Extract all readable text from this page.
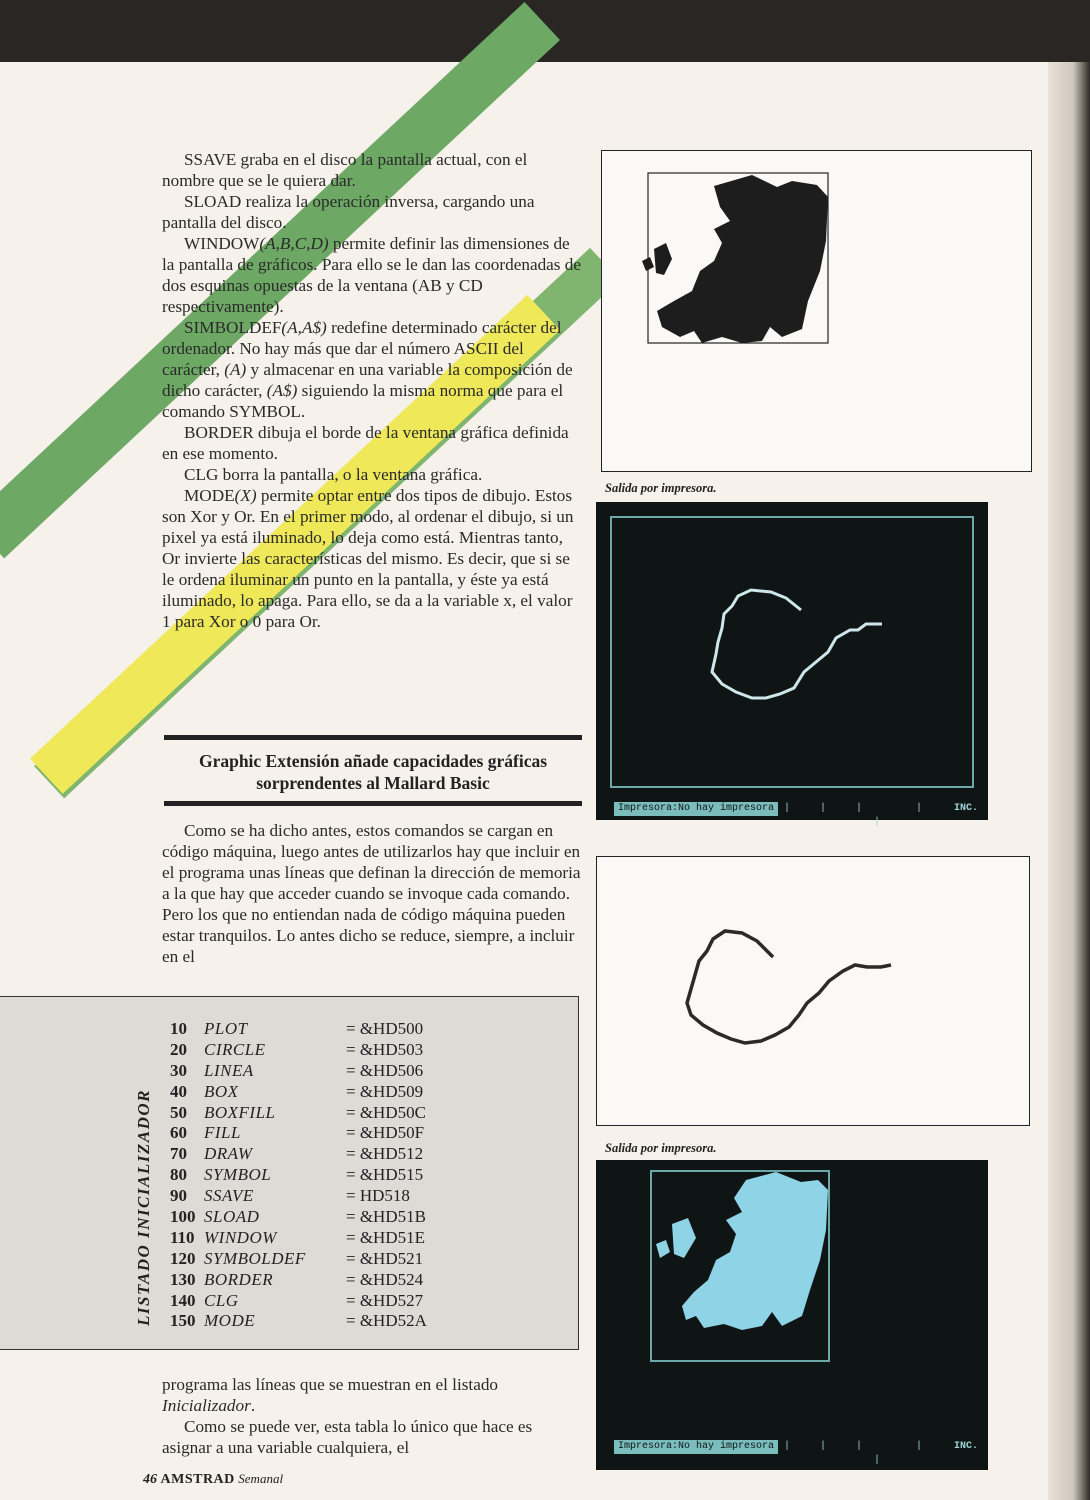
SSAVE graba en el disco la pantalla actual, con el nombre que se le quiera dar.

SLOAD realiza la operación inversa, cargando una pantalla del disco.

WINDOW(A,B,C,D) permite definir las dimensiones de la pantalla de gráficos. Para ello se le dan las coordenadas de dos esquinas opuestas de la ventana (AB y CD respectivamente).

SIMBOLDEF(A,A$) redefine determinado carácter del ordenador. No hay más que dar el número ASCII del carácter, (A) y almacenar en una variable la composición de dicho carácter, (A$) siguiendo la misma norma que para el comando SYMBOL.

BORDER dibuja el borde de la ventana gráfica definida en ese momento.

CLG borra la pantalla, o la ventana gráfica.

MODE(X) permite optar entre dos tipos de dibujo. Estos son Xor y Or. En el primer modo, al ordenar el dibujo, si un pixel ya está iluminado, lo deja como está. Mientras tanto, Or invierte las características del mismo. Es decir, que si se le ordena iluminar un punto en la pantalla, y éste ya está iluminado, lo apaga. Para ello, se da a la variable x, el valor 1 para Xor o 0 para Or.

Graphic Extensión añade capacidades gráficas
sorprendentes al Mallard Basic

Como se ha dicho antes, estos comandos se cargan en código máquina, luego antes de utilizarlos hay que incluir en el programa unas líneas que definan la dirección de memoria a la que hay que acceder cuando se invoque cada comando. Pero los que no entiendan nada de código máquina pueden estar tranquilos. Lo antes dicho se reduce, siempre, a incluir en el

LISTADO INICIALIZADOR
10	PLOT	= &HD500
20	CIRCLE	= &HD503
30	LINEA	= &HD506
40	BOX	= &HD509
50	BOXFILL	= &HD50C
60	FILL	= &HD50F
70	DRAW	= &HD512
80	SYMBOL	= &HD515
90	SSAVE	= HD518
100 SLOAD	= &HD51B
110 WINDOW	= &HD51E
120 SYMBOLDEF = &HD521
130 BORDER	= &HD524
140 CLG	= &HD527
150 MODE	= &HD52A

programa las líneas que se muestran en el listado Inicializador.

Como se puede ver, esta tabla lo único que hace es asignar a una variable cualquiera, el

Salida por impresora.
Impresora:No hay impresora |     |     |         |               |
INC.
Salida por impresora.
Impresora:No hay impresora |     |     |         |               |
INC.
46 AMSTRAD Semanal
